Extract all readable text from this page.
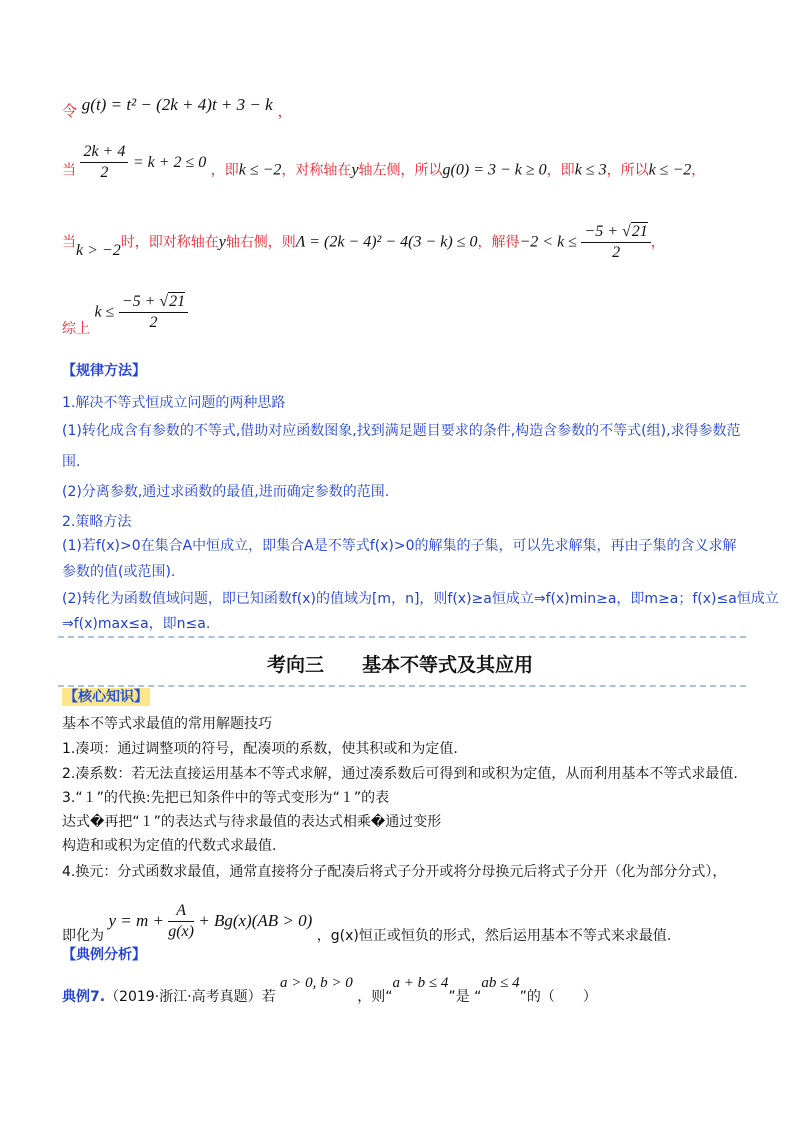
令 g(t) = t² − (2k + 4)t + 3 − k ，
当 $\frac{2k + 4}{2} = k + 2 \le 0$ ，即k ≤ −2，对称轴在y轴左侧，所以g(0) = 3 − k ≥ 0，即k ≤ 3，所以k ≤ −2，
当k > −2时，即对称轴在y轴右侧，则Λ = (2k − 4)² − 4(3 − k) ≤ 0，解得$-2 < k \le \frac{-5 + √21}{2}$ ，
综上 $k \le \frac{-5 + √21}{2}$
【规律方法】
1.解决不等式恒成立问题的两种思路
(1)转化成含有参数的不等式,借助对应函数图象,找到满足题目要求的条件,构造含参数的不等式(组),求得参数范
围.
(2)分离参数,通过求函数的最值,进而确定参数的范围.
2.策略方法
(1)若f(x)>0在集合A中恒成立，即集合A是不等式f(x)>0的解集的子集，可以先求解集，再由子集的含义求解
参数的值(或范围).
(2)转化为函数值域问题，即已知函数f(x)的值域为[m，n]，则f(x)≥a恒成立⇒f(x)min≥a，即m≥a；f(x)≤a恒成立
⇒f(x)max≤a，即n≤a.
考向三　　基本不等式及其应用
【核心知识】
基本不等式求最值的常用解题技巧
1.凑项：通过调整项的符号，配凑项的系数，使其积或和为定值.
2.凑系数：若无法直接运用基本不等式求解，通过凑系数后可得到和或积为定值，从而利用基本不等式求最值.
3.“１”的代换:先把已知条件中的等式变形为“１”的表
达式�再把“１”的表达式与待求最值的表达式相乘�通过变形
构造和或积为定值的代数式求最值.
4.换元：分式函数求最值，通常直接将分子配凑后将式子分开或将分母换元后将式子分开（化为部分分式），
即化为 $y = m + \frac{A}{g(x)} + Bg(x)(AB > 0)$ ，g(x)恒正或恒负的形式，然后运用基本不等式来求最值.
【典例分析】
典例7.（2019·浙江·高考真题）若 a > 0, b > 0 ，则“a + b ≤ 4”是 “ab ≤ 4”的（　　）
